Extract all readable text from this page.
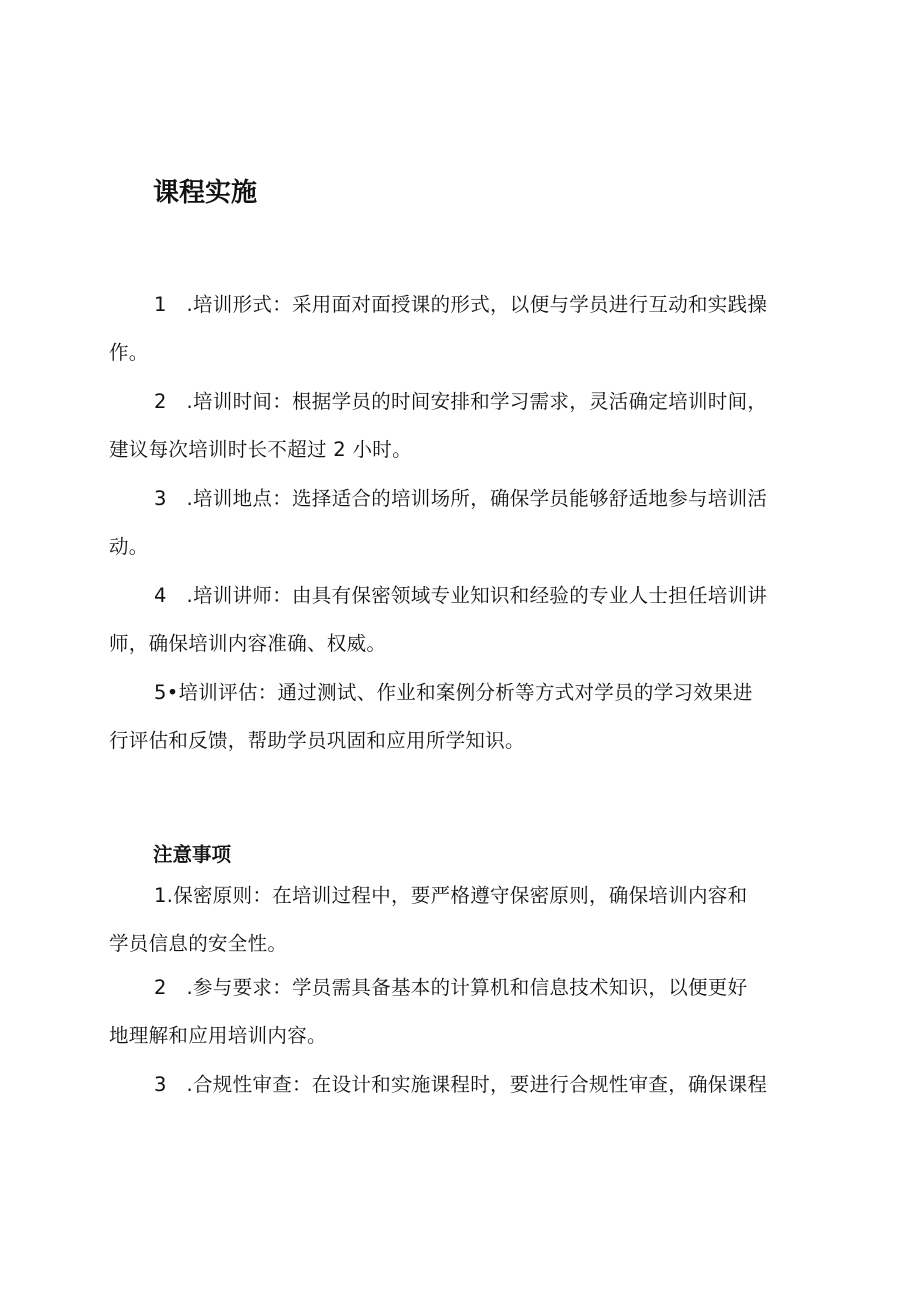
课程实施

1　.培训形式：采用面对面授课的形式，以便与学员进行互动和实践操
作。

2　.培训时间：根据学员的时间安排和学习需求，灵活确定培训时间，
建议每次培训时长不超过 2 小时。

3　.培训地点：选择适合的培训场所，确保学员能够舒适地参与培训活
动。

4　.培训讲师：由具有保密领域专业知识和经验的专业人士担任培训讲
师，确保培训内容准确、权威。

5•培训评估：通过测试、作业和案例分析等方式对学员的学习效果进
行评估和反馈，帮助学员巩固和应用所学知识。

注意事项

1.保密原则：在培训过程中，要严格遵守保密原则，确保培训内容和
学员信息的安全性。

2　.参与要求：学员需具备基本的计算机和信息技术知识，以便更好
地理解和应用培训内容。

3　.合规性审查：在设计和实施课程时，要进行合规性审查，确保课程
